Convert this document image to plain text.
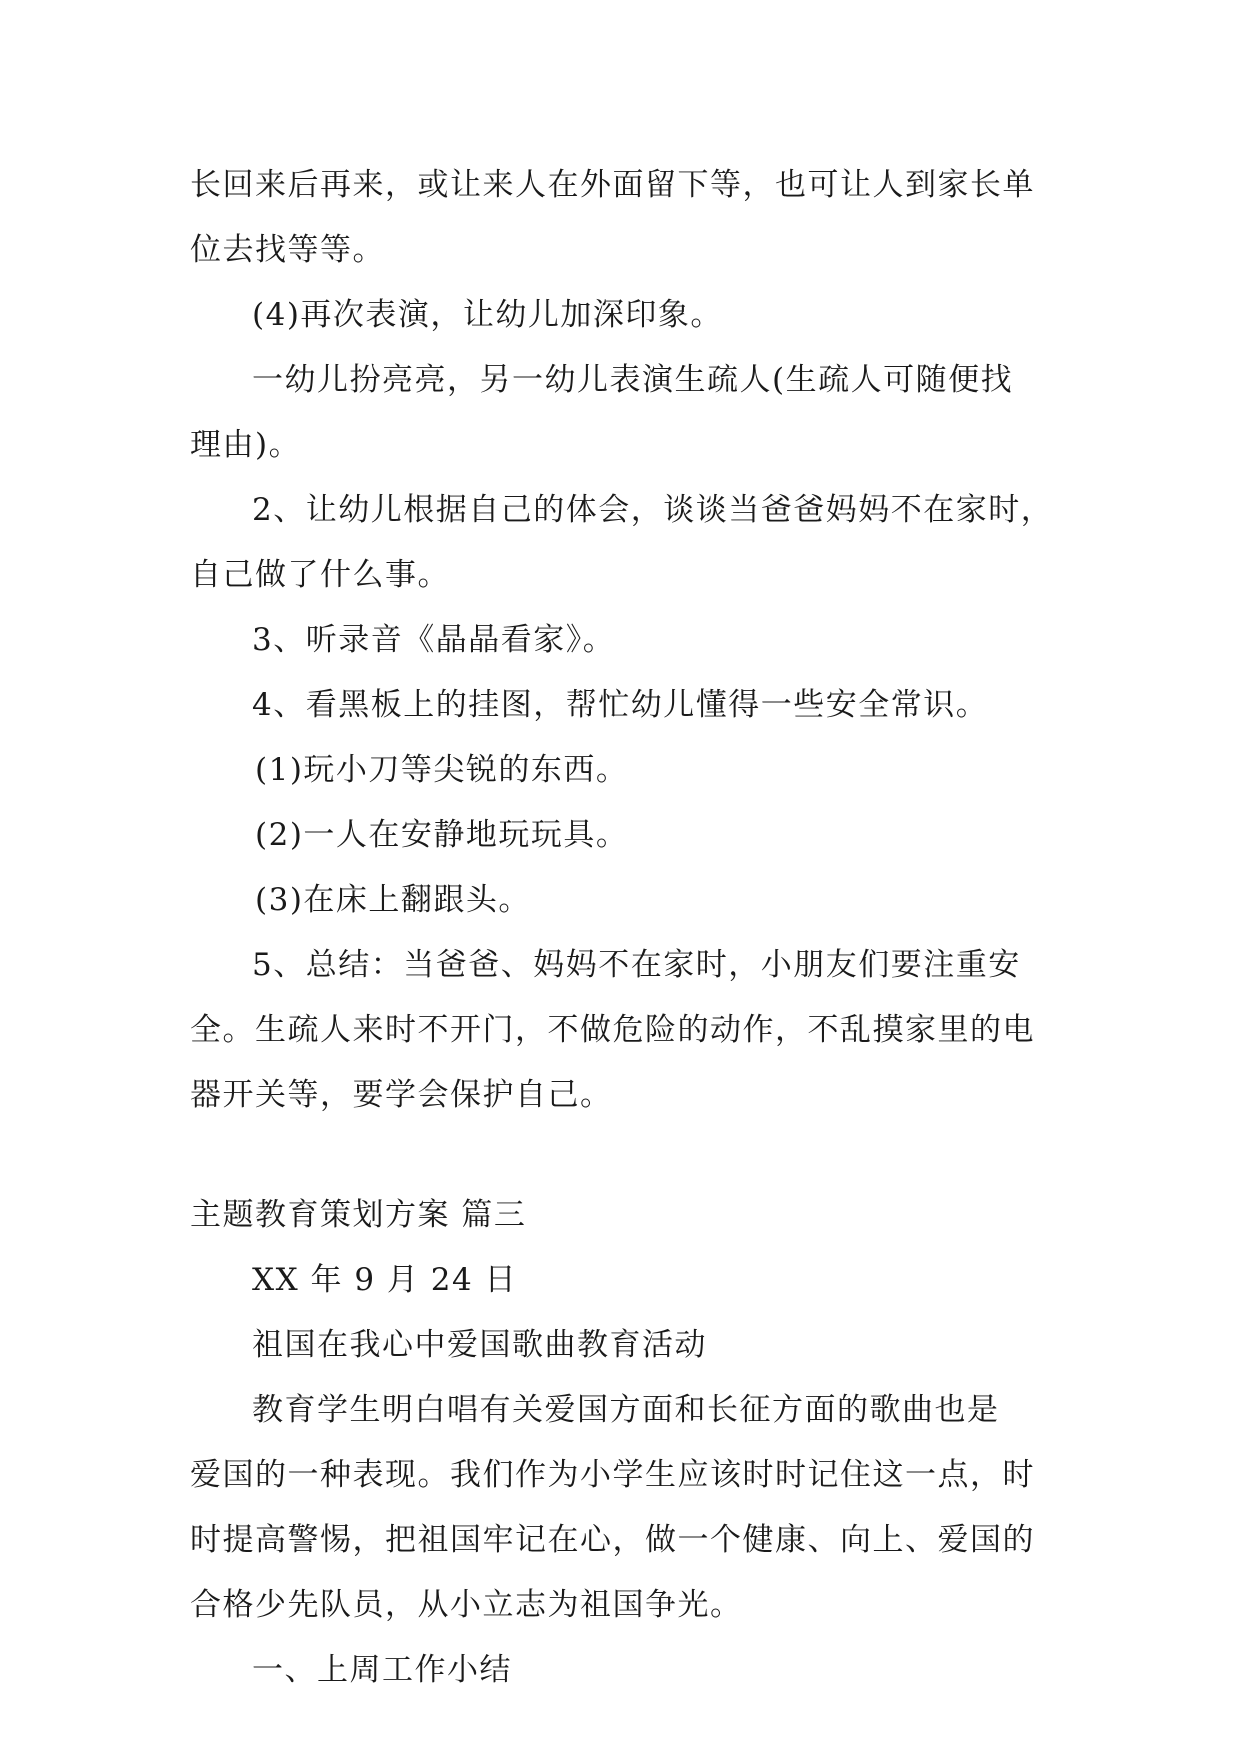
长回来后再来，或让来人在外面留下等，也可让人到家长单

位去找等等。

(4)再次表演，让幼儿加深印象。

一幼儿扮亮亮，另一幼儿表演生疏人(生疏人可随便找

理由)。

2、让幼儿根据自己的体会，谈谈当爸爸妈妈不在家时，

自己做了什么事。

3、听录音《晶晶看家》。

4、看黑板上的挂图，帮忙幼儿懂得一些安全常识。

(1)玩小刀等尖锐的东西。

(2)一人在安静地玩玩具。

(3)在床上翻跟头。

5、总结：当爸爸、妈妈不在家时，小朋友们要注重安

全。生疏人来时不开门，不做危险的动作，不乱摸家里的电

器开关等，要学会保护自己。

主题教育策划方案 篇三

XX 年 9 月 24 日

祖国在我心中爱国歌曲教育活动

教育学生明白唱有关爱国方面和长征方面的歌曲也是

爱国的一种表现。我们作为小学生应该时时记住这一点，时

时提高警惕，把祖国牢记在心，做一个健康、向上、爱国的

合格少先队员，从小立志为祖国争光。

一、上周工作小结
